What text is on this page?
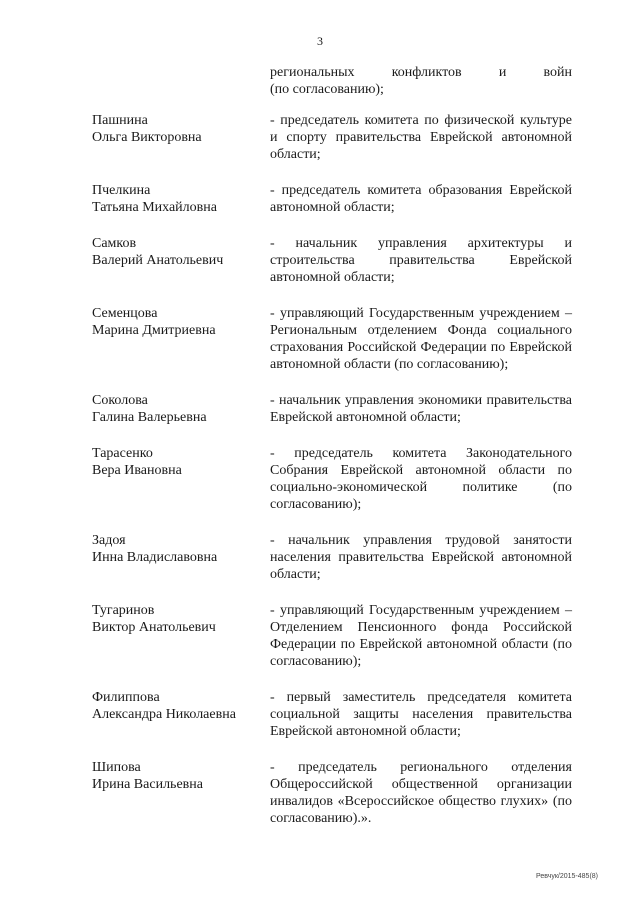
3
региональных конфликтов и войн
(по согласованию);
Пашнина
Ольга Викторовна
- председатель комитета по физической культуре и спорту правительства Еврейской автономной области;
Пчелкина
Татьяна Михайловна
- председатель комитета образования Еврейской автономной области;
Самков
Валерий Анатольевич
- начальник управления архитектуры и строительства правительства Еврейской автономной области;
Семенцова
Марина Дмитриевна
- управляющий Государственным учреждением – Региональным отделением Фонда социального страхования Российской Федерации по Еврейской автономной области (по согласованию);
Соколова
Галина Валерьевна
- начальник управления экономики правительства Еврейской автономной области;
Тарасенко
Вера Ивановна
- председатель комитета Законодательного Собрания Еврейской автономной области по социально-экономической политике (по согласованию);
Задоя
Инна Владиславовна
- начальник управления трудовой занятости населения правительства Еврейской автономной области;
Тугаринов
Виктор Анатольевич
- управляющий Государственным учреждением – Отделением Пенсионного фонда Российской Федерации по Еврейской автономной области (по согласованию);
Филиппова
Александра Николаевна
- первый заместитель председателя комитета социальной защиты населения правительства Еврейской автономной области;
Шипова
Ирина Васильевна
- председатель регионального отделения Общероссийской общественной организации инвалидов «Всероссийское общество глухих» (по согласованию).».
Ревчук/2015-485(8)
